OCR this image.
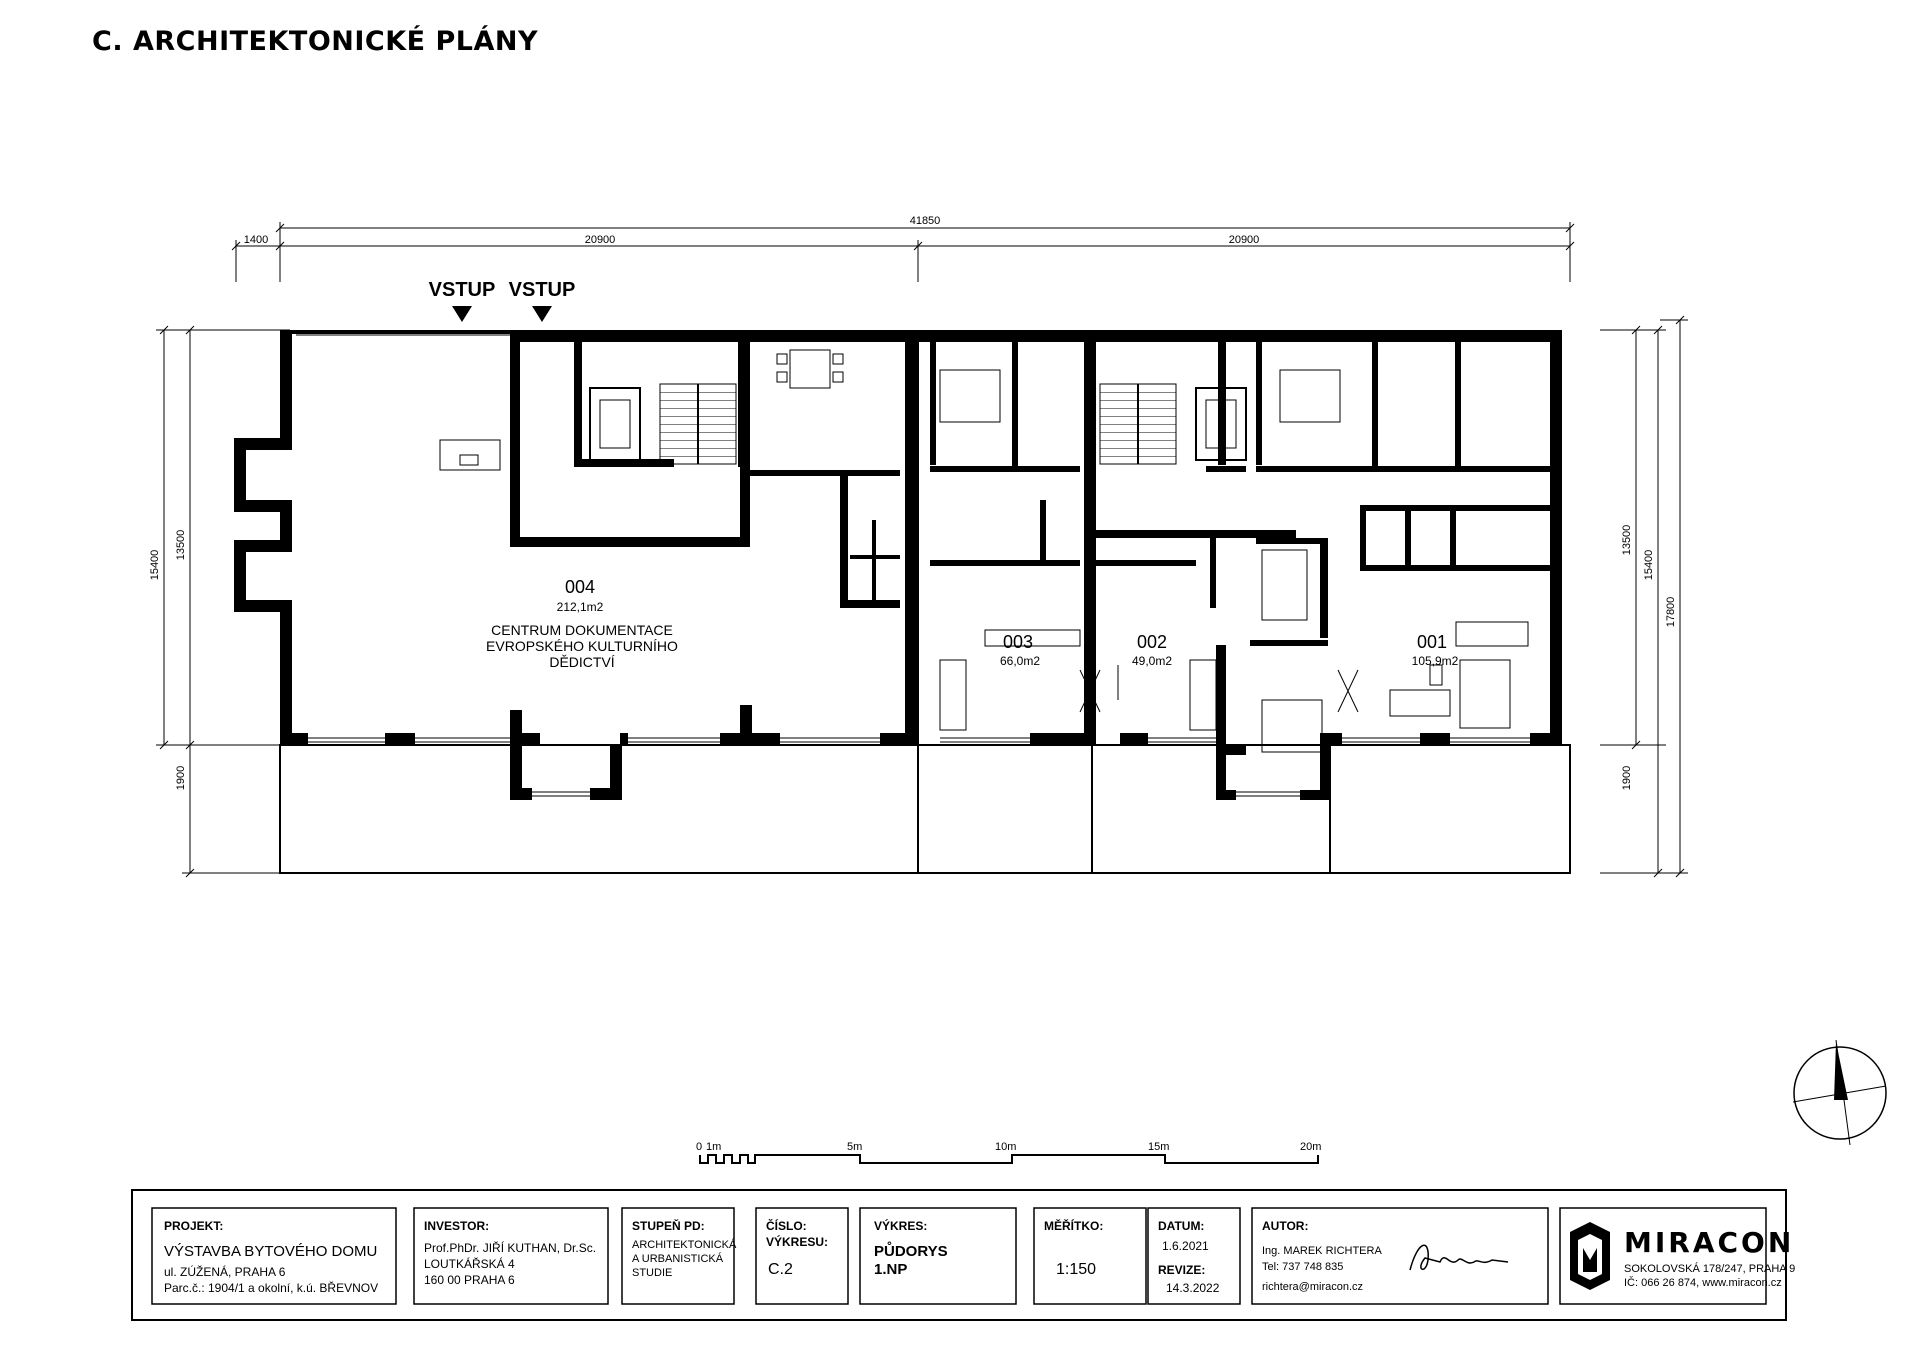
C. ARCHITEKTONICKÉ PLÁNY
41850
1400	20900	20900
15400
13500
1900
13500
15400
17800
1900
VSTUP VSTUP
004
212,1m2
CENTRUM DOKUMENTACE
EVROPSKÉHO KULTURNÍHO
DĚDICTVÍ
003
66,0m2
002
49,0m2
001
105,9m2
0 1m	5m	10m	15m	20m
PROJEKT:
VÝSTAVBA BYTOVÉHO DOMU
ul. ZÚŽENÁ, PRAHA 6
Parc.č.: 1904/1 a okolní, k.ú. BŘEVNOV
INVESTOR:
Prof.PhDr. JIŘÍ KUTHAN, Dr.Sc.
LOUTKÁŘSKÁ 4
160 00 PRAHA 6
STUPEŇ PD:
ARCHITEKTONICKÁ
A URBANISTICKÁ
STUDIE
ČÍSLO:
VÝKRESU:
C.2
VÝKRES:
PŮDORYS
1.NP
MĚŘÍTKO:
1:150
DATUM:
1.6.2021
REVIZE:
14.3.2022
AUTOR:
Ing. MAREK RICHTERA
Tel: 737 748 835
richtera@miracon.cz
MIRACON
SOKOLOVSKÁ 178/247, PRAHA 9
IČ: 066 26 874, www.miracon.cz
